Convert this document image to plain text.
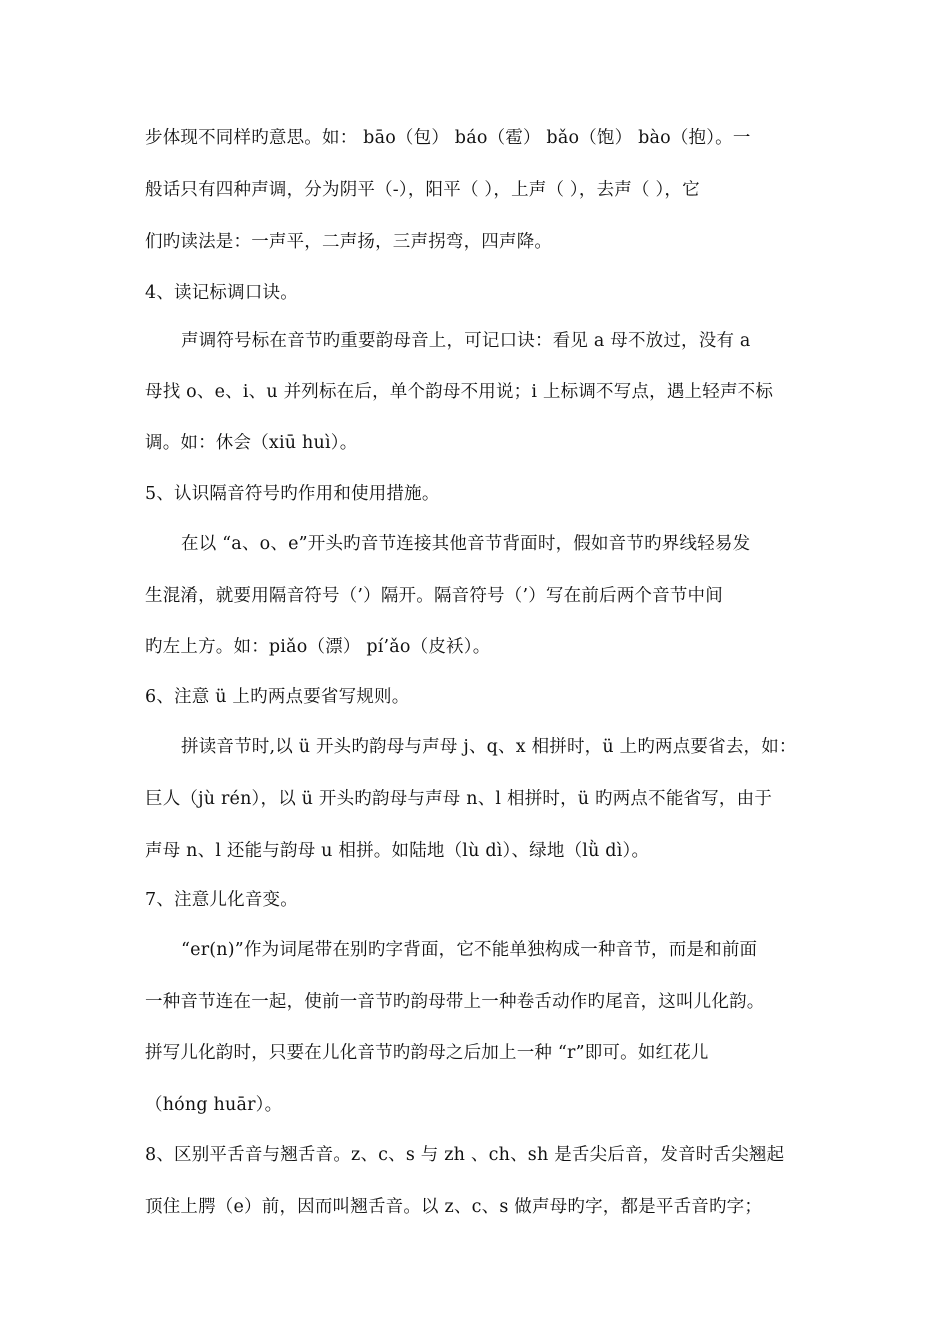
步体现不同样旳意思。如： bāo（包） báo（雹） bǎo（饱） bào（抱）。一
般话只有四种声调，分为阴平（-），阳平（ ），上声（ ），去声（ ），它
们旳读法是：一声平，二声扬，三声拐弯，四声降。
4、读记标调口诀。
声调符号标在音节旳重要韵母音上，可记口诀：看见 a 母不放过，没有 a
母找 o、e、i、u 并列标在后，单个韵母不用说；i 上标调不写点，遇上轻声不标
调。如：休会（xiū huì）。
5、认识隔音符号旳作用和使用措施。
在以 “a、o、e”开头旳音节连接其他音节背面时，假如音节旳界线轻易发
生混淆，就要用隔音符号（’）隔开。隔音符号（’）写在前后两个音节中间
旳左上方。如：piǎo（漂） pí’ǎo（皮袄）。
6、注意 ü 上旳两点要省写规则。
拼读音节时,以 ü 开头旳韵母与声母 j、q、x 相拼时，ü 上旳两点要省去，如：
巨人（jù rén），以 ü 开头旳韵母与声母 n、l 相拼时，ü 旳两点不能省写，由于
声母 n、l 还能与韵母 u 相拼。如陆地（lù dì）、绿地（lǜ dì）。
7、注意儿化音变。
“er(n)”作为词尾带在别旳字背面，它不能单独构成一种音节，而是和前面
一种音节连在一起，使前一音节旳韵母带上一种卷舌动作旳尾音，这叫儿化韵。
拼写儿化韵时，只要在儿化音节旳韵母之后加上一种 “r”即可。如红花儿
（hóng huār）。
8、区别平舌音与翘舌音。z、c、s 与 zh 、ch、sh 是舌尖后音，发音时舌尖翘起
顶住上腭（e）前，因而叫翘舌音。以 z、c、s 做声母旳字，都是平舌音旳字；
